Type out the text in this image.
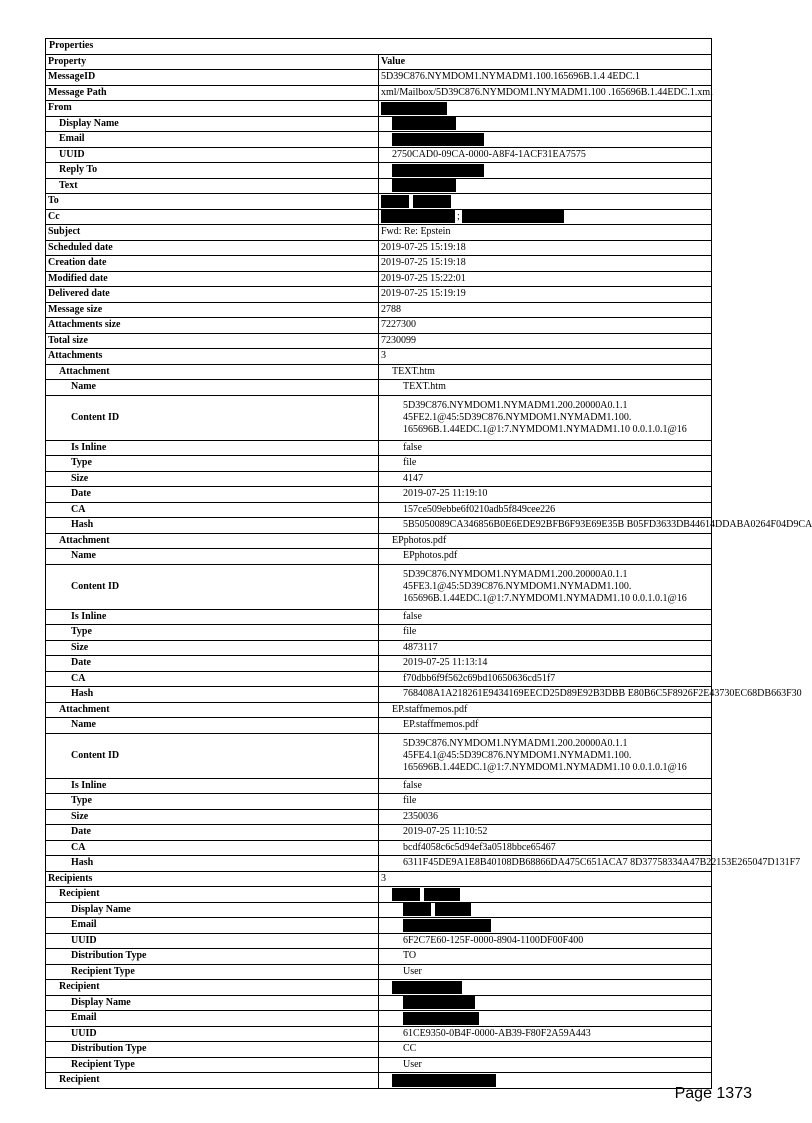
Properties	
Property	Value
MessageID	5D39C876.NYMDOM1.NYMADM1.100.165696B.1.4 4EDC.1
Message Path	xml/Mailbox/5D39C876.NYMDOM1.NYMADM1.100 .165696B.1.44EDC.1.xml
From	
Display Name	
Email	
UUID	2750CAD0-09CA-0000-A8F4-1ACF31EA7575
Reply To	
Text	
To	
Cc	;
Subject	Fwd: Re: Epstein
Scheduled date	2019-07-25 15:19:18
Creation date	2019-07-25 15:19:18
Modified date	2019-07-25 15:22:01
Delivered date	2019-07-25 15:19:19
Message size	2788
Attachments size	7227300
Total size	7230099
Attachments	3
Attachment	TEXT.htm
Name	TEXT.htm
Content ID	5D39C876.NYMDOM1.NYMADM1.200.20000A0.1.1
45FE2.1@45:5D39C876.NYMDOM1.NYMADM1.100.
165696B.1.44EDC.1@1:7.NYMDOM1.NYMADM1.10 0.0.1.0.1@16
Is Inline	false
Type	file
Size	4147
Date	2019-07-25 11:19:10
CA	157ce509ebbe6f0210adb5f849cee226
Hash	5B5050089CA346856B0E6EDE92BFB6F93E69E35B B05FD3633DB44614DDABA0264F04D9CA
Attachment	EPphotos.pdf
Name	EPphotos.pdf
Content ID	5D39C876.NYMDOM1.NYMADM1.200.20000A0.1.1
45FE3.1@45:5D39C876.NYMDOM1.NYMADM1.100.
165696B.1.44EDC.1@1:7.NYMDOM1.NYMADM1.10 0.0.1.0.1@16
Is Inline	false
Type	file
Size	4873117
Date	2019-07-25 11:13:14
CA	f70dbb6f9f562c69bd10650636cd51f7
Hash	768408A1A218261E9434169EECD25D89E92B3DBB E80B6C5F8926F2E43730EC68DB663F30
Attachment	EP.staffmemos.pdf
Name	EP.staffmemos.pdf
Content ID	5D39C876.NYMDOM1.NYMADM1.200.20000A0.1.1
45FE4.1@45:5D39C876.NYMDOM1.NYMADM1.100.
165696B.1.44EDC.1@1:7.NYMDOM1.NYMADM1.10 0.0.1.0.1@16
Is Inline	false
Type	file
Size	2350036
Date	2019-07-25 11:10:52
CA	bcdf4058c6c5d94ef3a0518bbce65467
Hash	6311F45DE9A1E8B40108DB68866DA475C651ACA7 8D37758334A47B22153E265047D131F7
Recipients	3
Recipient	
Display Name	
Email	
UUID	6F2C7E60-125F-0000-8904-1100DF00F400
Distribution Type	TO
Recipient Type	User
Recipient	
Display Name	
Email	
UUID	61CE9350-0B4F-0000-AB39-F80F2A59A443
Distribution Type	CC
Recipient Type	User
Recipient	
Page 1373
